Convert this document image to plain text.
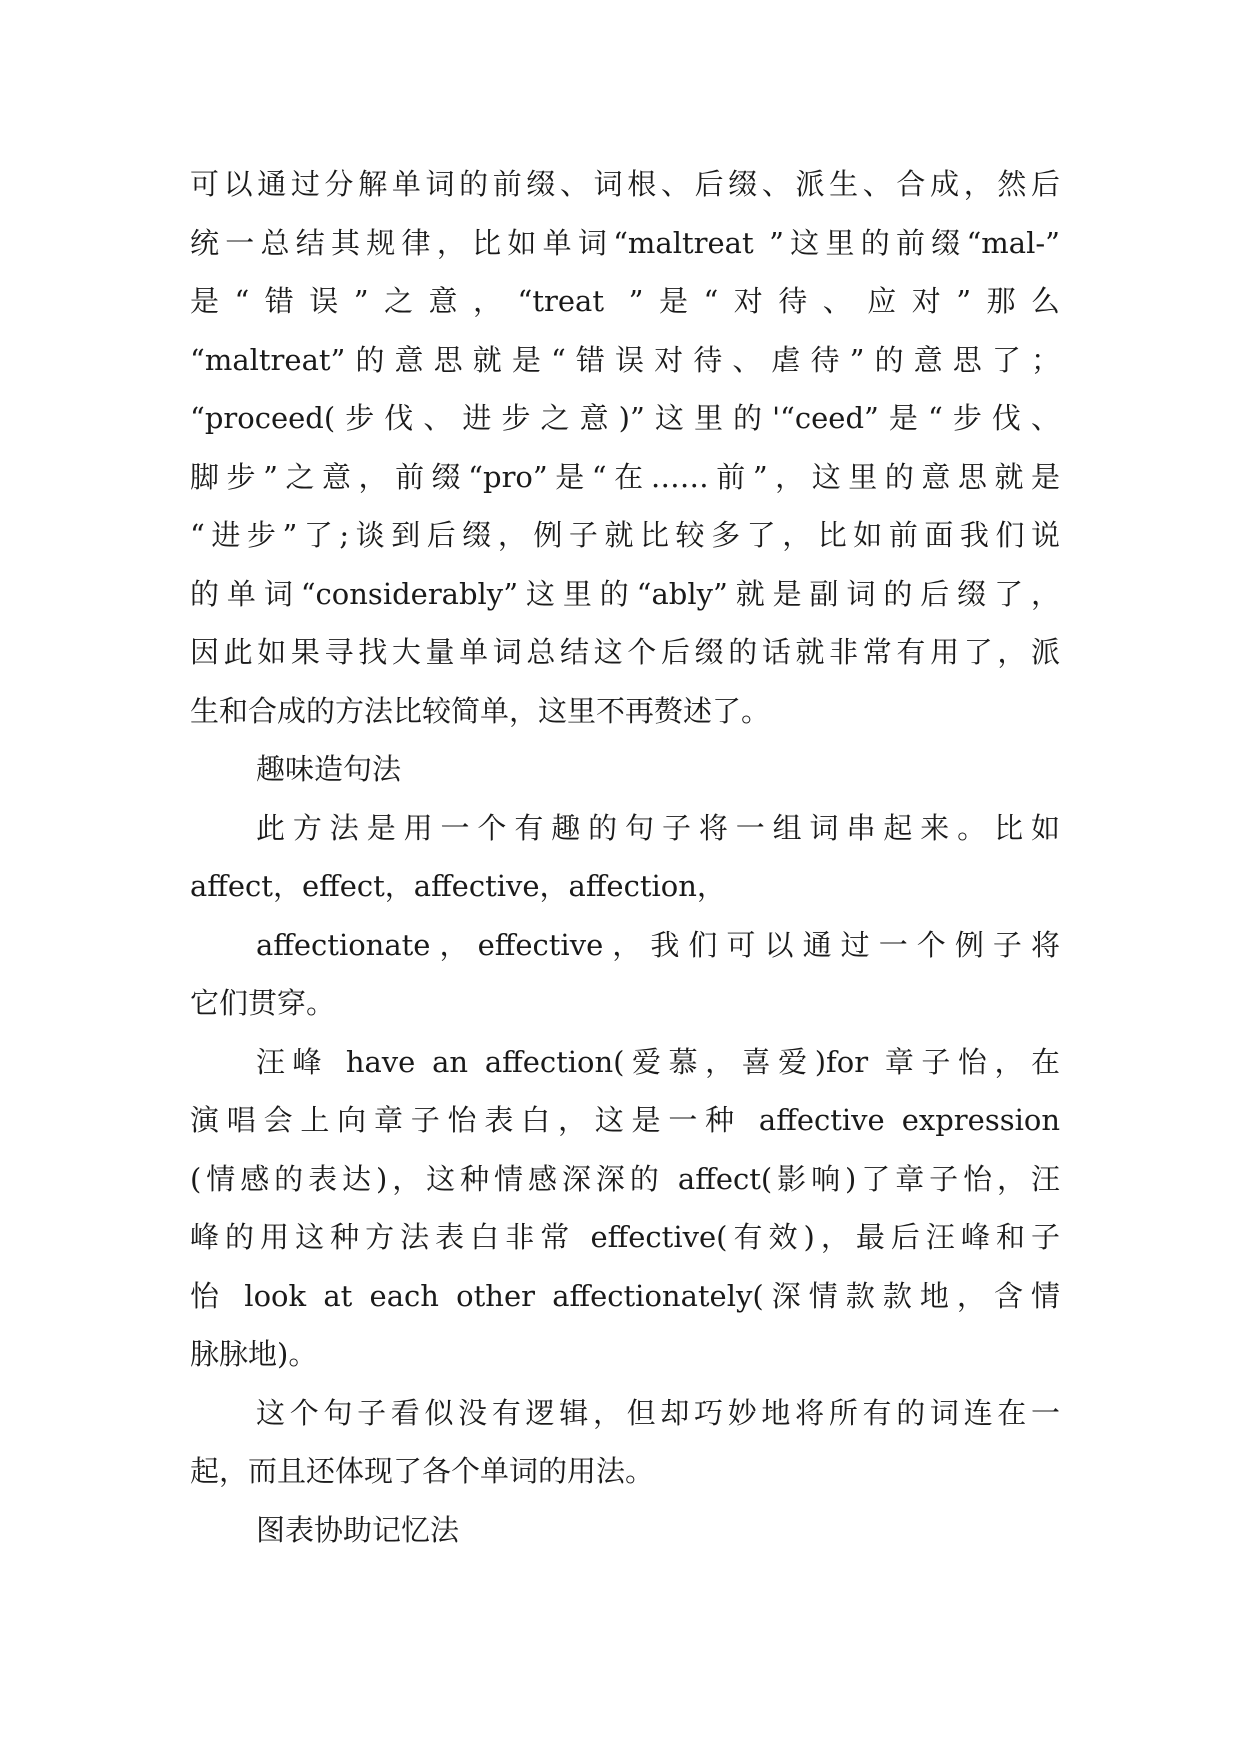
可以通过分解单词的前缀、词根、后缀、派生、合成，然后
统一总结其规律，比如单词“maltreat ”这里的前缀“mal-”
是“错误”之意，“treat ”是“对待、应对”那么
“maltreat”的意思就是“错误对待、虐待”的意思了；
“proceed(步伐、进步之意)”这里的'“ceed”是“步伐、
脚步”之意，前缀“pro”是“在……前”，这里的意思就是
“进步”了;谈到后缀，例子就比较多了，比如前面我们说
的单词“considerably”这里的“ably”就是副词的后缀了，
因此如果寻找大量单词总结这个后缀的话就非常有用了，派
生和合成的方法比较简单，这里不再赘述了。
趣味造句法
此方法是用一个有趣的句子将一组词串起来。比如
affect，effect，affective，affection，
affectionate，effective，我们可以通过一个例子将
它们贯穿。
汪峰 have an affection(爱慕，喜爱)for 章子怡，在
演唱会上向章子怡表白，这是一种 affective expression
(情感的表达)，这种情感深深的 affect(影响)了章子怡，汪
峰的用这种方法表白非常 effective(有效)，最后汪峰和子
怡 look at each other affectionately(深情款款地，含情
脉脉地)。
这个句子看似没有逻辑，但却巧妙地将所有的词连在一
起，而且还体现了各个单词的用法。
图表协助记忆法
